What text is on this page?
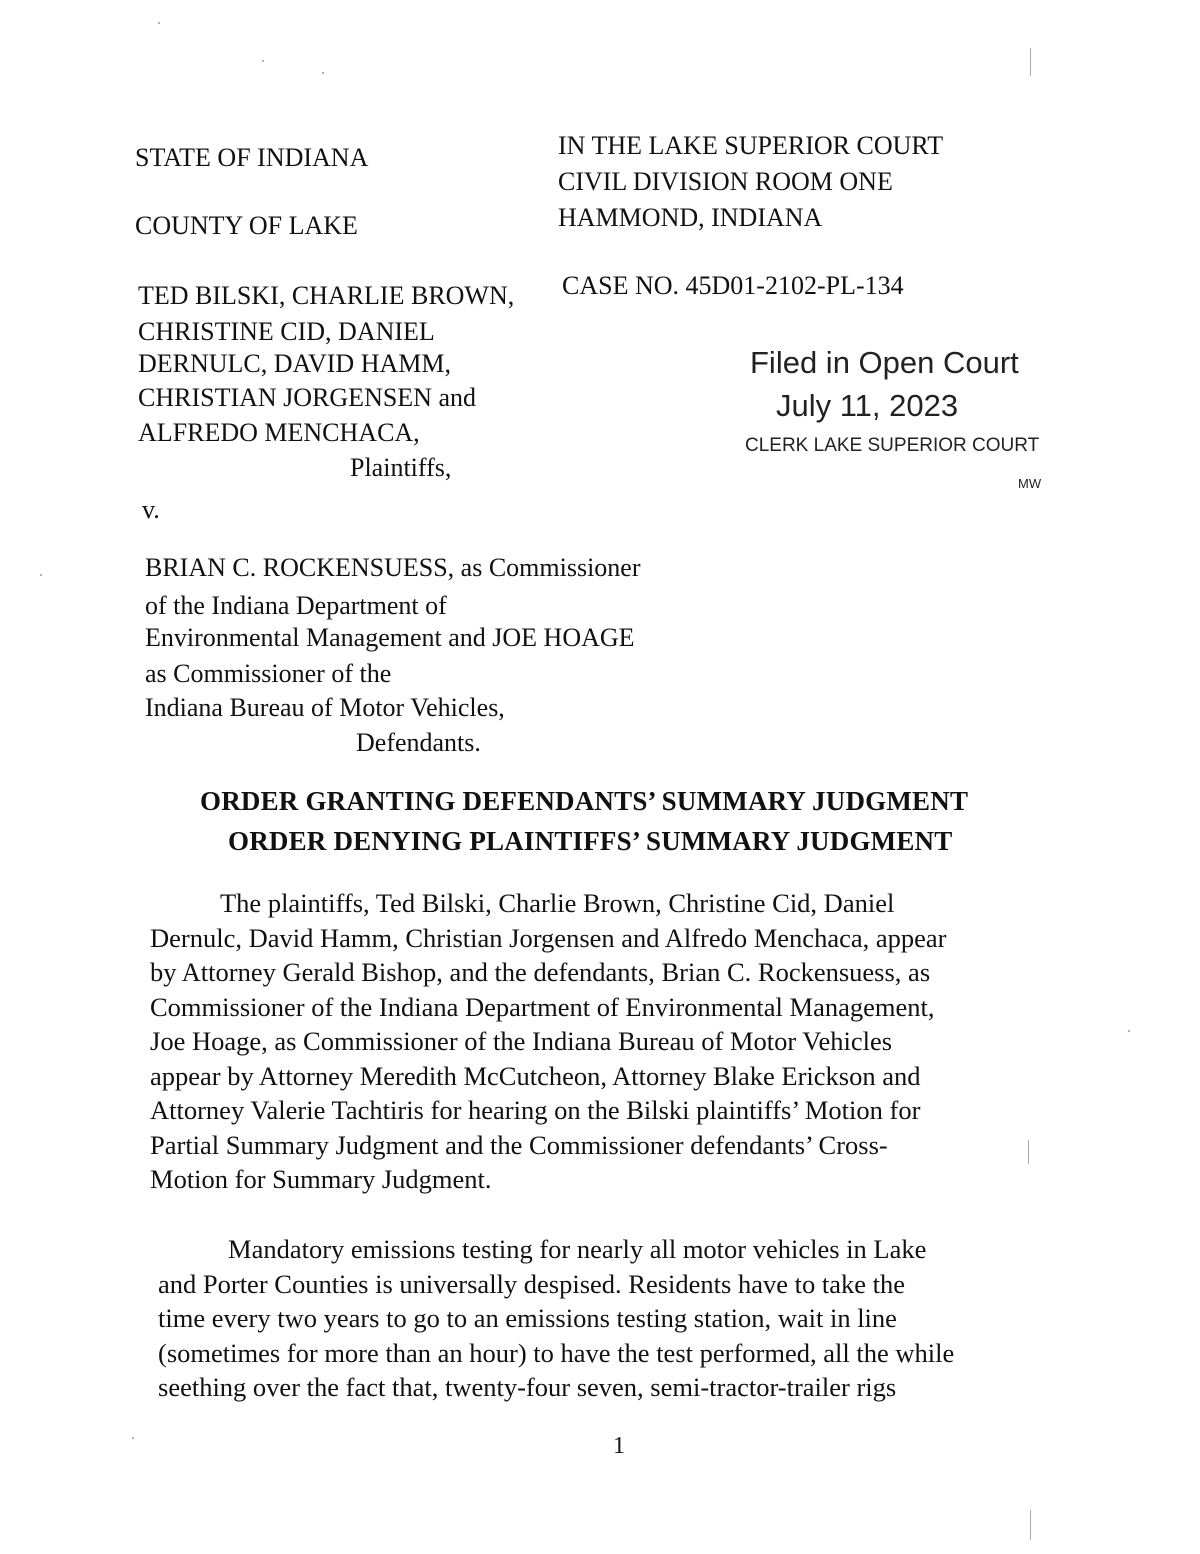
STATE OF INDIANA
COUNTY OF LAKE
IN THE LAKE SUPERIOR COURT
CIVIL DIVISION ROOM ONE
HAMMOND, INDIANA
TED BILSKI, CHARLIE BROWN,
CHRISTINE CID, DANIEL
DERNULC, DAVID HAMM,
CHRISTIAN JORGENSEN and
ALFREDO MENCHACA,
Plaintiffs,
CASE NO. 45D01-2102-PL-134
Filed in Open Court
July 11, 2023
CLERK LAKE SUPERIOR COURT
MW
v.
BRIAN C. ROCKENSUESS, as Commissioner
of the Indiana Department of
Environmental Management and JOE HOAGE
as Commissioner of the
Indiana Bureau of Motor Vehicles,
Defendants.
ORDER GRANTING DEFENDANTS’ SUMMARY JUDGMENT
ORDER DENYING PLAINTIFFS’ SUMMARY JUDGMENT
The plaintiffs, Ted Bilski, Charlie Brown, Christine Cid, Daniel
Dernulc, David Hamm, Christian Jorgensen and Alfredo Menchaca, appear
by Attorney Gerald Bishop, and the defendants, Brian C. Rockensuess, as
Commissioner of the Indiana Department of Environmental Management,
Joe Hoage, as Commissioner of the Indiana Bureau of Motor Vehicles
appear by Attorney Meredith McCutcheon, Attorney Blake Erickson and
Attorney Valerie Tachtiris for hearing on the Bilski plaintiffs’ Motion for
Partial Summary Judgment and the Commissioner defendants’ Cross-
Motion for Summary Judgment.
Mandatory emissions testing for nearly all motor vehicles in Lake
and Porter Counties is universally despised. Residents have to take the
time every two years to go to an emissions testing station, wait in line
(sometimes for more than an hour) to have the test performed, all the while
seething over the fact that, twenty-four seven, semi-tractor-trailer rigs
1
